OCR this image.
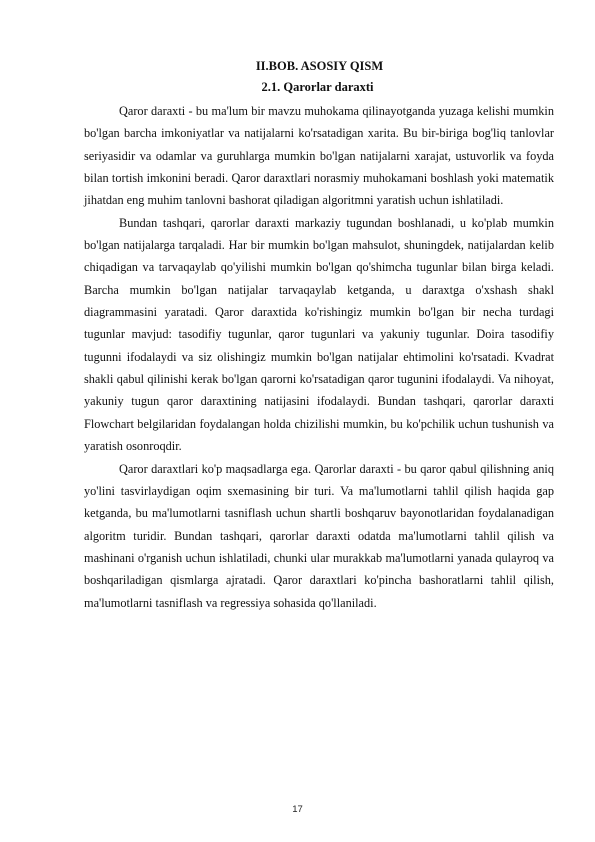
II.BOB. ASOSIY QISM
2.1. Qarorlar daraxti

Qaror daraxti - bu ma'lum bir mavzu muhokama qilinayotganda yuzaga kelishi mumkin bo'lgan barcha imkoniyatlar va natijalarni ko'rsatadigan xarita. Bu bir-biriga bog'liq tanlovlar seriyasidir va odamlar va guruhlarga mumkin bo'lgan natijalarni xarajat, ustuvorlik va foyda bilan tortish imkonini beradi. Qaror daraxtlari norasmiy muhokamani boshlash yoki matematik jihatdan eng muhim tanlovni bashorat qiladigan algoritmni yaratish uchun ishlatiladi.

Bundan tashqari, qarorlar daraxti markaziy tugundan boshlanadi, u ko'plab mumkin bo'lgan natijalarga tarqaladi. Har bir mumkin bo'lgan mahsulot, shuningdek, natijalardan kelib chiqadigan va tarvaqaylab qo'yilishi mumkin bo'lgan qo'shimcha tugunlar bilan birga keladi. Barcha mumkin bo'lgan natijalar tarvaqaylab ketganda, u daraxtga o'xshash shakl diagrammasini yaratadi. Qaror daraxtida ko'rishingiz mumkin bo'lgan bir necha turdagi tugunlar mavjud: tasodifiy tugunlar, qaror tugunlari va yakuniy tugunlar. Doira tasodifiy tugunni ifodalaydi va siz olishingiz mumkin bo'lgan natijalar ehtimolini ko'rsatadi. Kvadrat shakli qabul qilinishi kerak bo'lgan qarorni ko'rsatadigan qaror tugunini ifodalaydi. Va nihoyat, yakuniy tugun qaror daraxtining natijasini ifodalaydi. Bundan tashqari, qarorlar daraxti Flowchart belgilaridan foydalangan holda chizilishi mumkin, bu ko'pchilik uchun tushunish va yaratish osonroqdir.

Qaror daraxtlari ko'p maqsadlarga ega. Qarorlar daraxti - bu qaror qabul qilishning aniq yo'lini tasvirlaydigan oqim sxemasining bir turi. Va ma'lumotlarni tahlil qilish haqida gap ketganda, bu ma'lumotlarni tasniflash uchun shartli boshqaruv bayonotlaridan foydalanadigan algoritm turidir. Bundan tashqari, qarorlar daraxti odatda ma'lumotlarni tahlil qilish va mashinani o'rganish uchun ishlatiladi, chunki ular murakkab ma'lumotlarni yanada qulayroq va boshqariladigan qismlarga ajratadi. Qaror daraxtlari ko'pincha bashoratlarni tahlil qilish, ma'lumotlarni tasniflash va regressiya sohasida qo'llaniladi.

17
